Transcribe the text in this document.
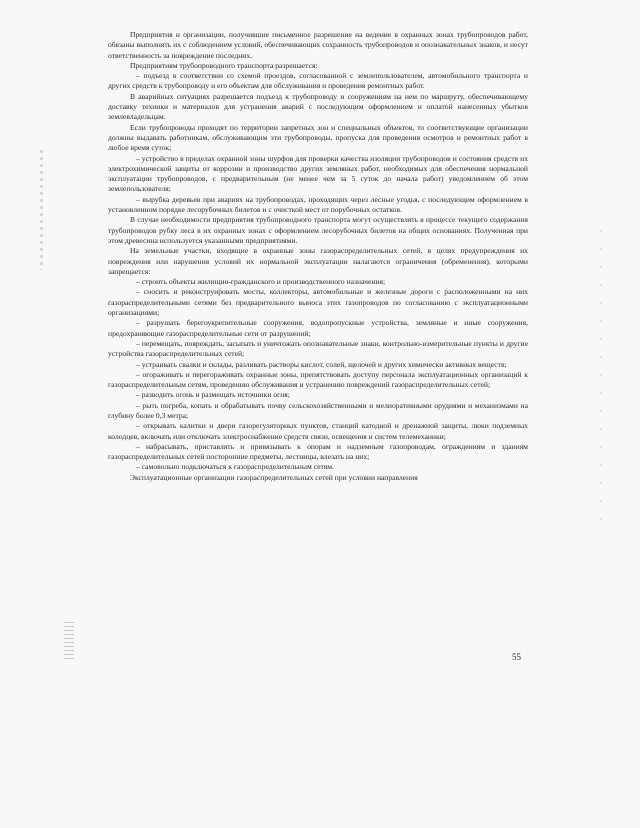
Предприятия и организации, получившие письменное разрешение на ведение в охранных зонах трубопроводов работ, обязаны выполнять их с соблюдением условий, обеспечивающих сохранность трубопроводов и опознавательных знаков, и несут ответственность за повреждение последних.

Предприятиям трубопроводного транспорта разрешается:

– подъезд в соответствии со схемой проездов, согласованной с землепользователем, автомобильного транспорта и других средств к трубопроводу и его объектам для обслуживания и проведения ремонтных работ.

В аварийных ситуациях разрешается подъезд к трубопроводу и сооружениям на нем по маршруту, обеспечивающему доставку техники и материалов для устранения аварий с последующим оформлением и оплатой нанесенных убытков землевладельцам.

Если трубопроводы проходят по территории запретных зон и специальных объектов, то соответствующие организации должны выдавать работникам, обслуживающим эти трубопроводы, пропуска для проведения осмотров и ремонтных работ в любое время суток;

– устройство в пределах охранной зоны шурфов для проверки качества изоляции трубопроводов и состояния средств их электрохимической защиты от коррозии и производство других земляных работ, необходимых для обеспечения нормальной эксплуатации трубопроводов, с предварительным (не менее чем за 5 суток до начала работ) уведомлением об этом землепользователя;

– вырубка деревьев при авариях на трубопроводах, проходящих через лесные угодья, с последующим оформлением в установленном порядке лесорубочных билетов и с очисткой мест от порубочных остатков.

В случае необходимости предприятия трубопроводного транспорта могут осуществлять в процессе текущего содержания трубопроводов рубку леса в их охранных зонах с оформлением лесорубочных билетов на общих основаниях. Полученная при этом древесина используется указанными предприятиями.

На земельные участки, входящие в охранные зоны газораспределительных сетей, в целях предупреждения их повреждения или нарушения условий их нормальной эксплуатации налагаются ограничения (обременения), которыми запрещается:

– строить объекты жилищно-гражданского и производственного назначения;

– сносить и реконструировать мосты, коллекторы, автомобильные и железные дороги с расположенными на них газораспределительными сетями без предварительного выноса этих газопроводов по согласованию с эксплуатационными организациями;

– разрушать берегоукрепительные сооружения, водопропускные устройства, земляные и иные сооружения, предохраняющие газораспределительные сети от разрушений;

– перемещать, повреждать, засыпать и уничтожать опознавательные знаки, контрольно-измерительные пункты и другие устройства газораспределительных сетей;

– устраивать свалки и склады, разливать растворы кислот, солей, щелочей и других химически активных веществ;

– огораживать и перегораживать охранные зоны, препятствовать доступу персонала эксплуатационных организаций к газораспределительным сетям, проведению обслуживания и устранению повреждений газораспределительных сетей;

– разводить огонь и размещать источники огня;

– рыть погреба, копать и обрабатывать почву сельскохозяйственными и мелиоративными орудиями и механизмами на глубину более 0,3 метра;

– открывать калитки и двери газорегуляторных пунктов, станций катодной и дренажной защиты, люки подземных колодцев, включать или отключать электроснабжение средств связи, освещения и систем телемеханики;

– набрасывать, приставлять и привязывать к опорам и надземным газопроводам, ограждениям и зданиям газораспределительных сетей посторонние предметы, лестницы, влезать на них;

– самовольно подключаться к газораспределительным сетям.

Эксплуатационные организации газораспределительных сетей при условии направления

55
